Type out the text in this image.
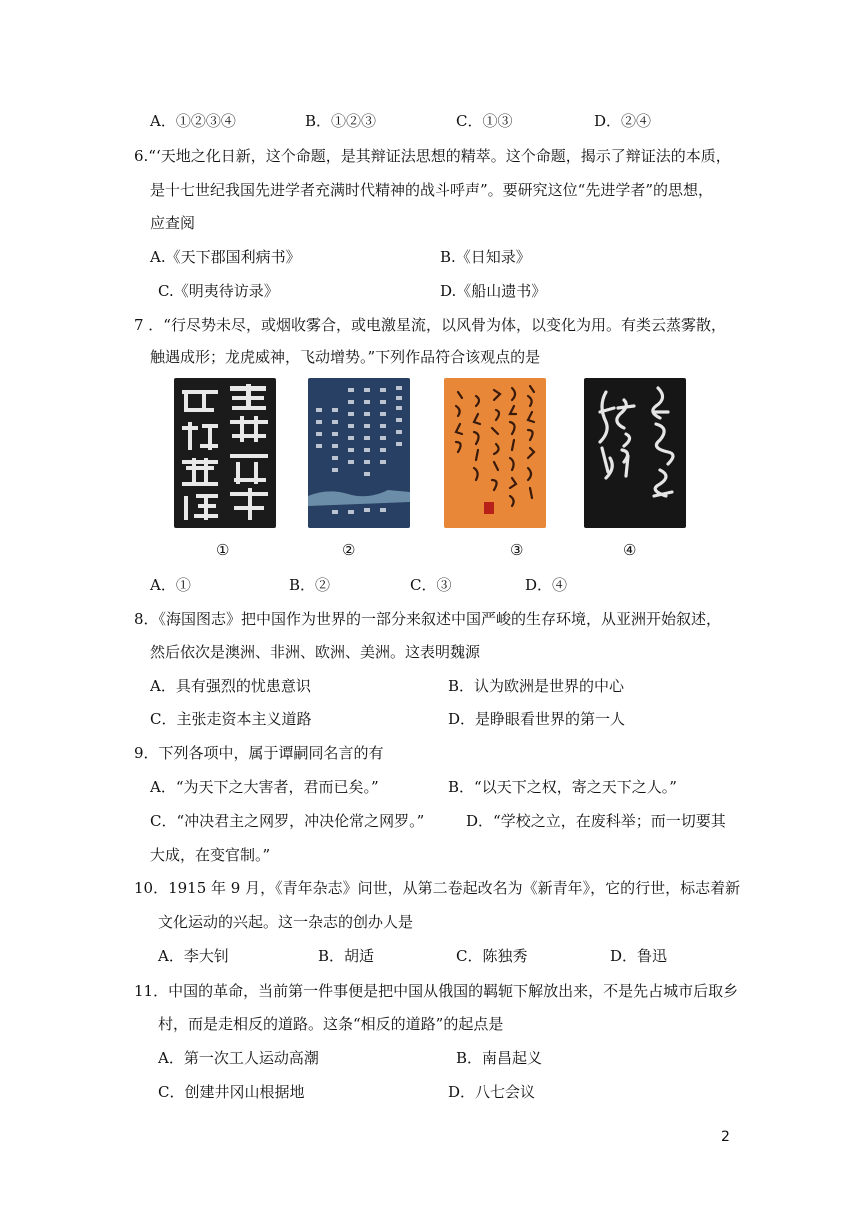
A．①②③④	B．①②③	C．①③	D．②④
6.“‘天地之化日新，这个命题，是其辩证法思想的精萃。这个命题，揭示了辩证法的本质，
是十七世纪我国先进学者充满时代精神的战斗呼声”。要研究这位“先进学者”的思想，
应查阅
A.《天下郡国利病书》	B.《日知录》
C.《明夷待访录》	D.《船山遗书》
7 ．“行尽势未尽，或烟收雾合，或电激星流，以风骨为体，以变化为用。有类云蒸雾散，
触遇成形；龙虎威神，飞动增势。”下列作品符合该观点的是
①	②	③	④
A．①	B．②	C．③	D．④
8．《海国图志》把中国作为世界的一部分来叙述中国严峻的生存环境，从亚洲开始叙述，
然后依次是澳洲、非洲、欧洲、美洲。这表明魏源
A．具有强烈的忧患意识	B．认为欧洲是世界的中心
C．主张走资本主义道路	D．是睁眼看世界的第一人
9．下列各项中，属于谭嗣同名言的有
A．“为天下之大害者，君而已矣。”	B．“以天下之权，寄之天下之人。”
C．“冲决君主之网罗，冲决伦常之网罗。”	D．“学校之立，在废科举；而一切要其
大成，在变官制。”
10．1915 年 9 月，《青年杂志》问世，从第二卷起改名为《新青年》，它的行世，标志着新
文化运动的兴起。这一杂志的创办人是
A．李大钊	B．胡适	C．陈独秀	D．鲁迅
11．中国的革命，当前第一件事便是把中国从俄国的羁轭下解放出来，不是先占城市后取乡
村，而是走相反的道路。这条“相反的道路”的起点是
A．第一次工人运动高潮	B．南昌起义
C．创建井冈山根据地	D．八七会议
2
